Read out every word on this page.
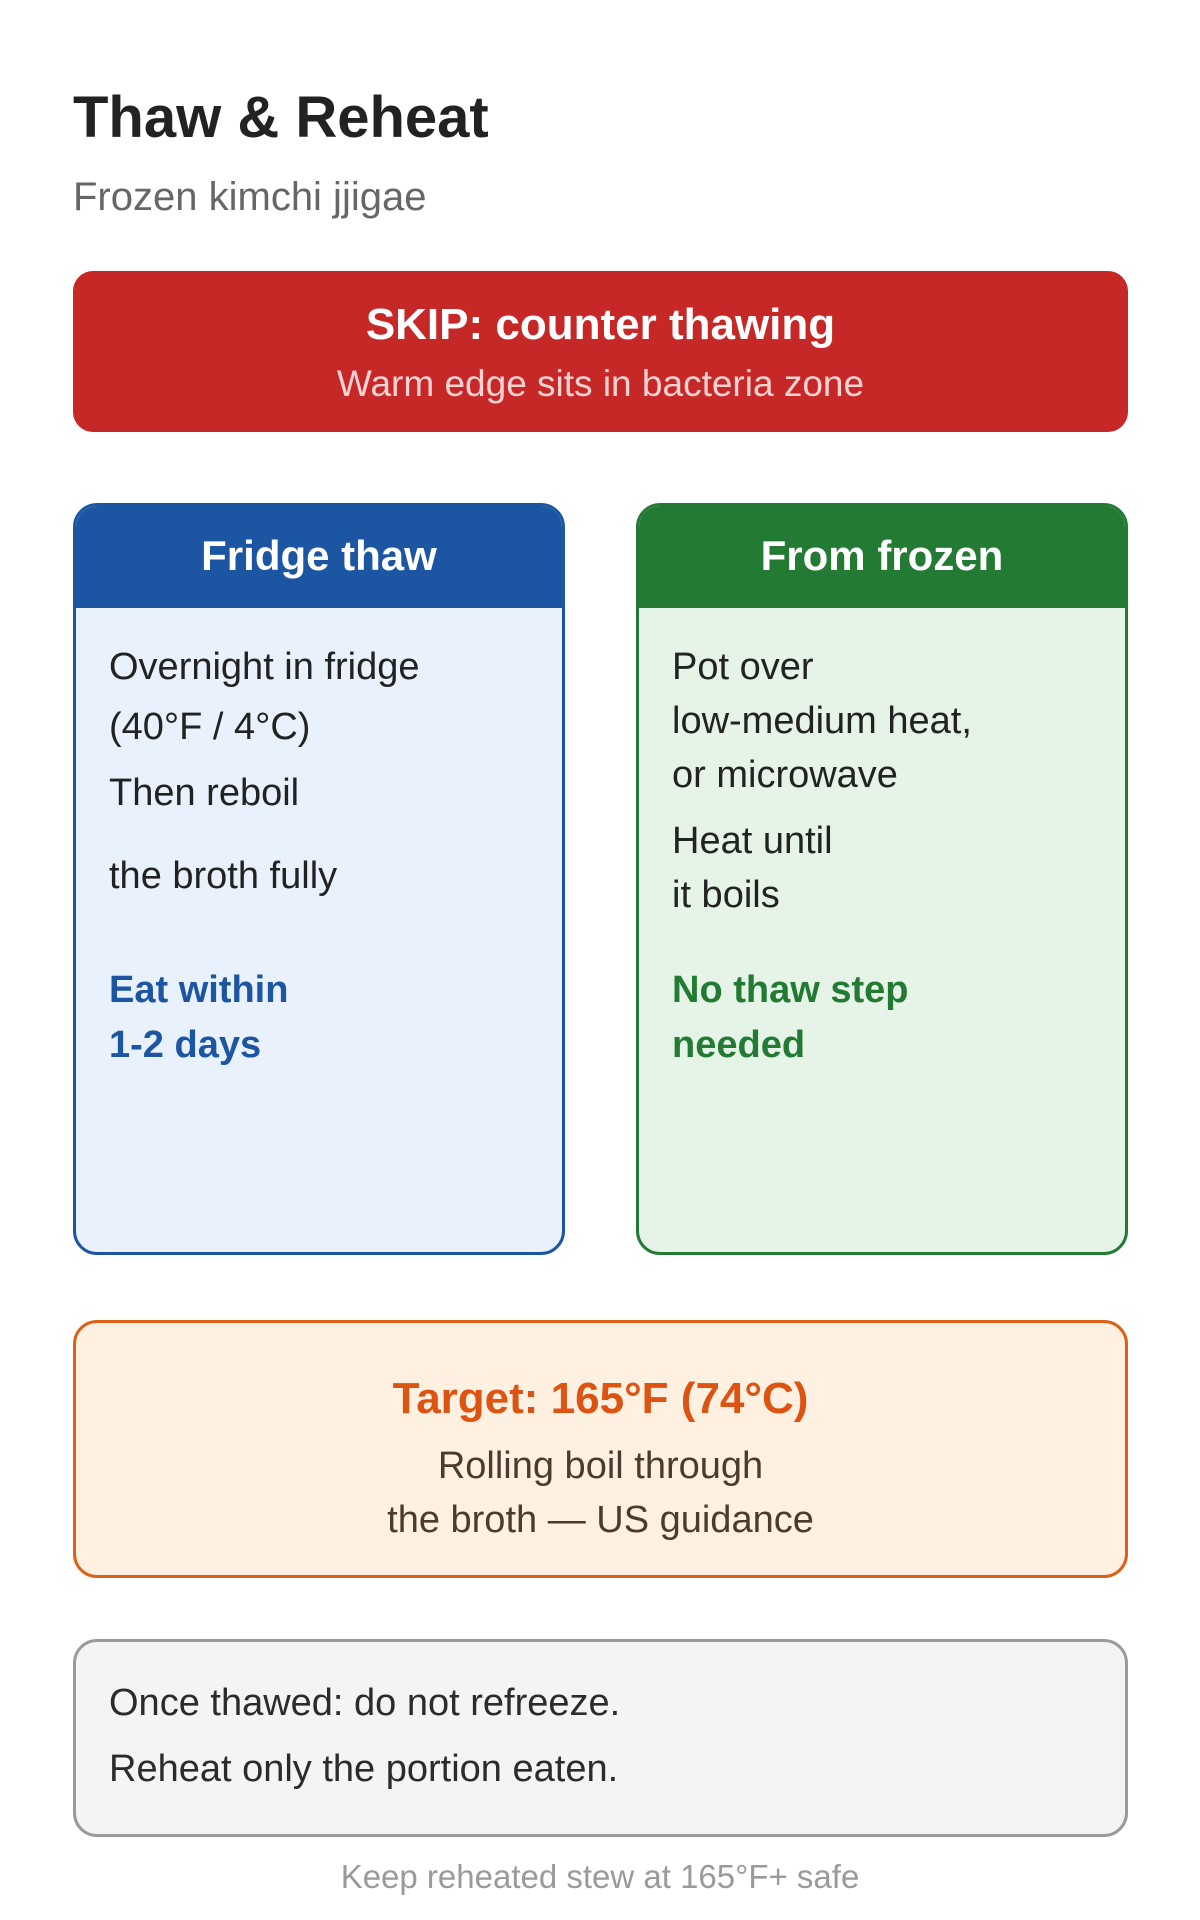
Thaw & Reheat
Frozen kimchi jjigae
SKIP: counter thawing
Warm edge sits in bacteria zone
Fridge thaw
Overnight in fridge
(40°F / 4°C)
Then reboil
the broth fully
Eat within
1-2 days
From frozen
Pot over
low-medium heat,
or microwave
Heat until
it boils
No thaw step
needed
Target: 165°F (74°C)
Rolling boil through
the broth — US guidance
Once thawed: do not refreeze.
Reheat only the portion eaten.
Keep reheated stew at 165°F+ safe
